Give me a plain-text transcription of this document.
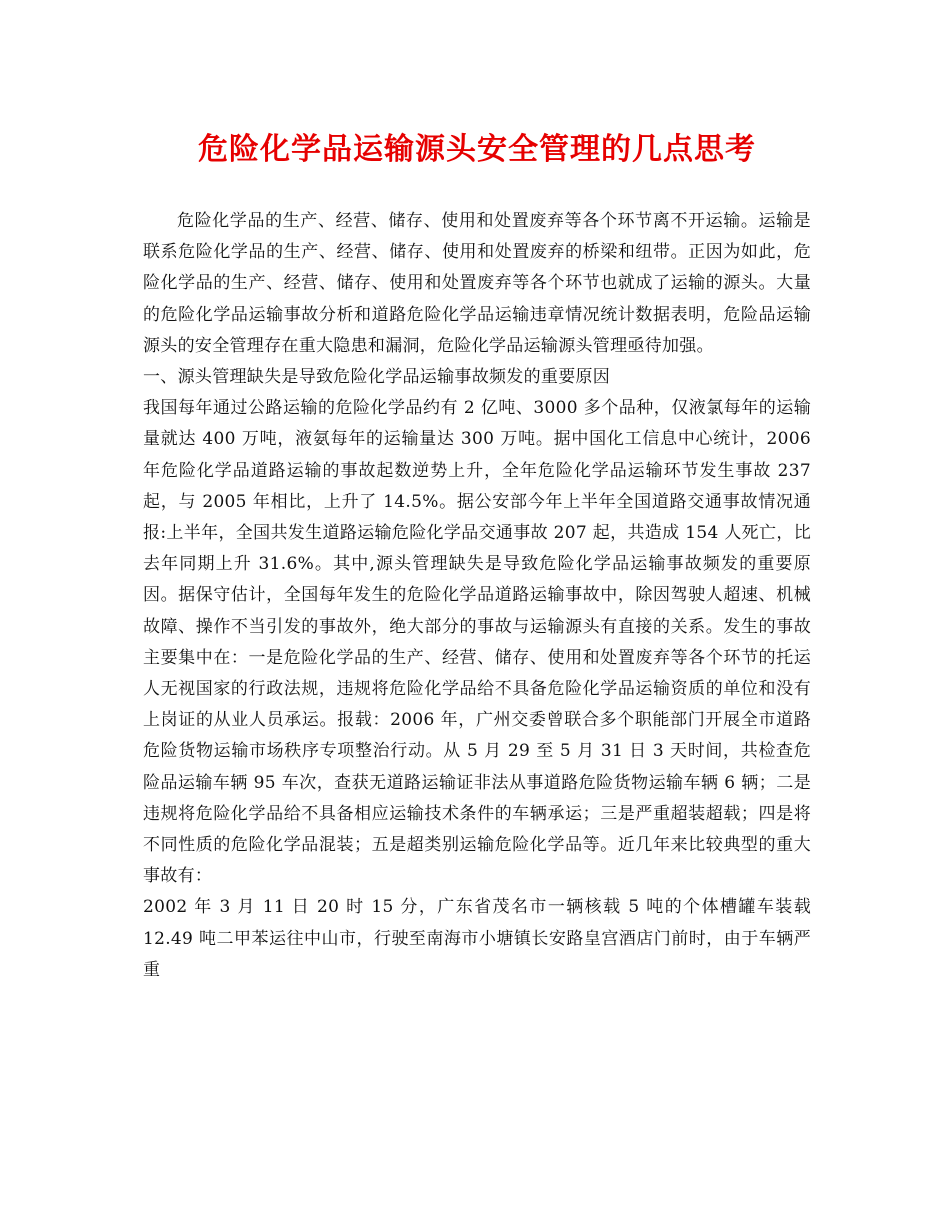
危险化学品运输源头安全管理的几点思考

危险化学品的生产、经营、储存、使用和处置废弃等各个环节离不开运输。运输是联系危险化学品的生产、经营、储存、使用和处置废弃的桥梁和纽带。正因为如此，危险化学品的生产、经营、储存、使用和处置废弃等各个环节也就成了运输的源头。大量的危险化学品运输事故分析和道路危险化学品运输违章情况统计数据表明，危险品运输源头的安全管理存在重大隐患和漏洞，危险化学品运输源头管理亟待加强。

一、源头管理缺失是导致危险化学品运输事故频发的重要原因

我国每年通过公路运输的危险化学品约有 2 亿吨、3000 多个品种，仅液氯每年的运输量就达 400 万吨，液氨每年的运输量达 300 万吨。据中国化工信息中心统计，2006 年危险化学品道路运输的事故起数逆势上升，全年危险化学品运输环节发生事故 237 起，与 2005 年相比，上升了 14.5%。据公安部今年上半年全国道路交通事故情况通报:上半年，全国共发生道路运输危险化学品交通事故 207 起，共造成 154 人死亡，比去年同期上升 31.6%。其中,源头管理缺失是导致危险化学品运输事故频发的重要原因。据保守估计，全国每年发生的危险化学品道路运输事故中，除因驾驶人超速、机械故障、操作不当引发的事故外，绝大部分的事故与运输源头有直接的关系。发生的事故主要集中在：一是危险化学品的生产、经营、储存、使用和处置废弃等各个环节的托运人无视国家的行政法规，违规将危险化学品给不具备危险化学品运输资质的单位和没有上岗证的从业人员承运。报载：2006 年，广州交委曾联合多个职能部门开展全市道路危险货物运输市场秩序专项整治行动。从 5 月 29 至 5 月 31 日 3 天时间，共检查危险品运输车辆 95 车次，查获无道路运输证非法从事道路危险货物运输车辆 6 辆；二是违规将危险化学品给不具备相应运输技术条件的车辆承运；三是严重超装超载；四是将不同性质的危险化学品混装；五是超类别运输危险化学品等。近几年来比较典型的重大事故有：

2002 年 3 月 11 日 20 时 15 分，广东省茂名市一辆核载 5 吨的个体槽罐车装载 12.49 吨二甲苯运往中山市，行驶至南海市小塘镇长安路皇宫酒店门前时，由于车辆严重
